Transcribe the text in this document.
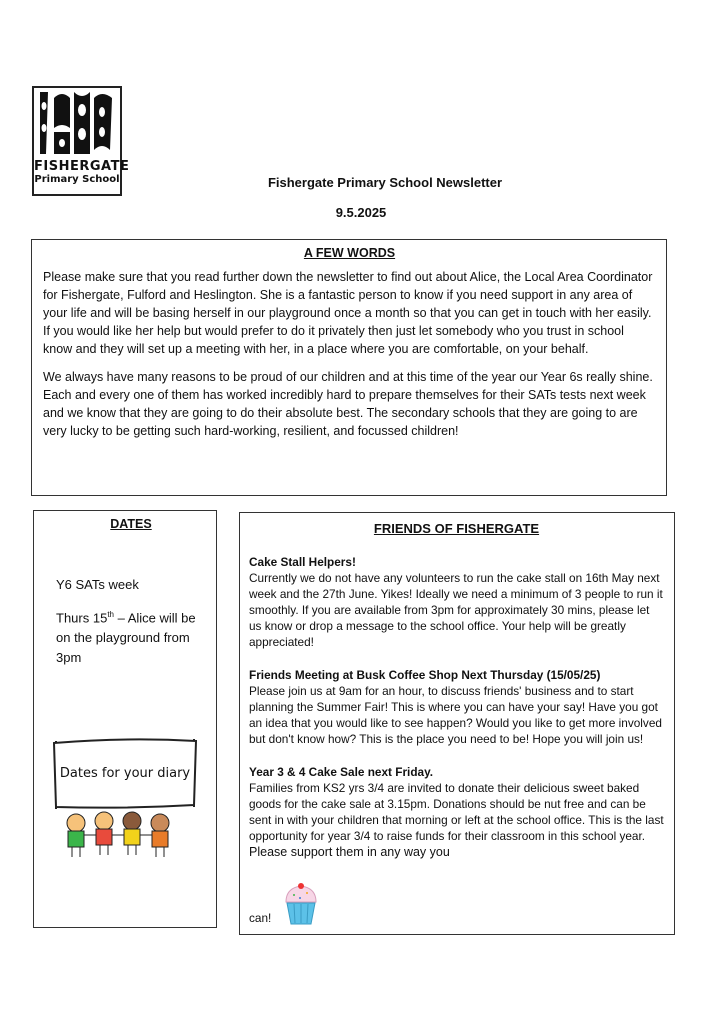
FISHERGATE
Primary School	Fishergate Primary School Newsletter
9.5.2025
A FEW WORDS

Please make sure that you read further down the newsletter to find out about Alice, the Local Area Coordinator for Fishergate, Fulford and Heslington. She is a fantastic person to know if you need support in any area of your life and will be basing herself in our playground once a month so that you can get in touch with her easily. If you would like her help but would prefer to do it privately then just let somebody who you trust in school know and they will set up a meeting with her, in a place where you are comfortable, on your behalf.

We always have many reasons to be proud of our children and at this time of the year our Year 6s really shine. Each and every one of them has worked incredibly hard to prepare themselves for their SATs tests next week and we know that they are going to do their absolute best. The secondary schools that they are going to are very lucky to be getting such hard-working, resilient, and focussed children!

DATES

Y6 SATs week

Thurs 15th – Alice will be on the playground from 3pm

Dates for your diary
FRIENDS OF FISHERGATE
Cake Stall Helpers!
Currently we do not have any volunteers to run the cake stall on 16th May next week and the 27th June. Yikes! Ideally we need a minimum of 3 people to run it smoothly. If you are available from 3pm for approximately 30 mins, please let us know or drop a message to the school office. Your help will be greatly appreciated!
Friends Meeting at Busk Coffee Shop Next Thursday (15/05/25)
Please join us at 9am for an hour, to discuss friends' business and to start planning the Summer Fair! This is where you can have your say! Have you got an idea that you would like to see happen? Would you like to get more involved but don't know how? This is the place you need to be! Hope you will join us!
Year 3 & 4 Cake Sale next Friday.
Families from KS2 yrs 3/4 are invited to donate their delicious sweet baked goods for the cake sale at 3.15pm. Donations should be nut free and can be sent in with your children that morning or left at the school office. This is the last opportunity for year 3/4 to raise funds for their classroom in this school year. Please support them in any way you
can!
